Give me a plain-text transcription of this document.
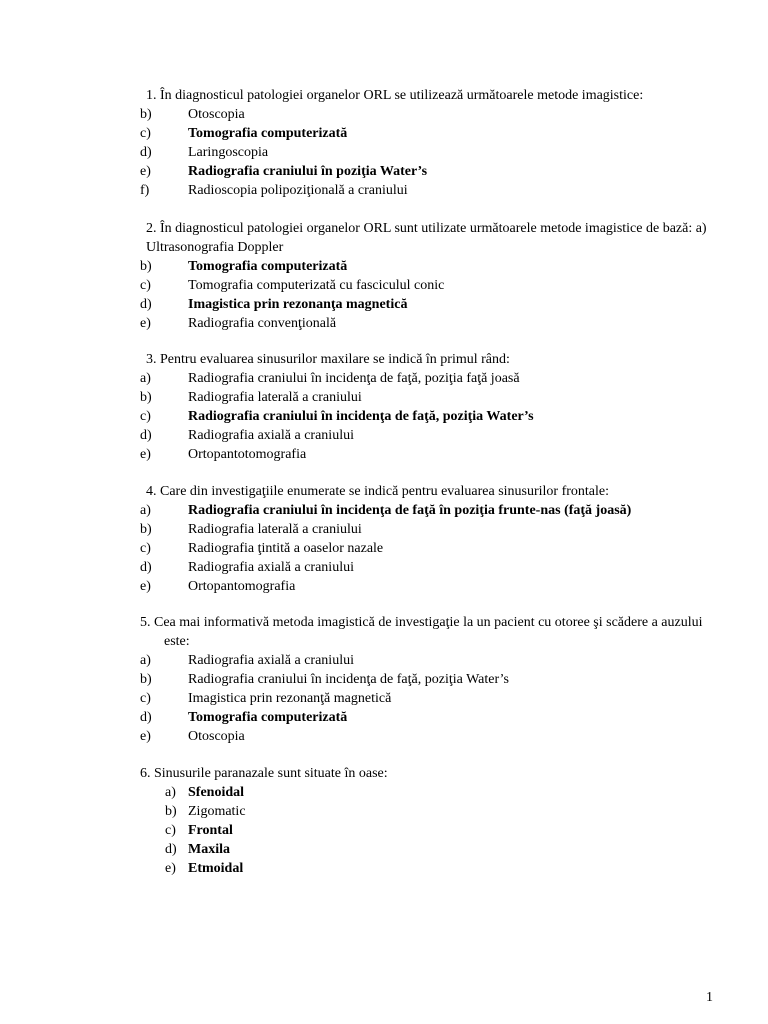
1. În diagnosticul patologiei organelor ORL se utilizează următoarele metode imagistice:

b)	Otoscopia
c)	Tomografia computerizată
d)	Laringoscopia
e)	Radiografia craniului în poziţia Water’s
f)	Radioscopia polipoziţională a craniului

2. În diagnosticul patologiei organelor ORL sunt utilizate următoarele metode imagistice de bază: a) Ultrasonografia Doppler

b)	Tomografia computerizată
c)	Tomografia computerizată cu fasciculul conic
d)	Imagistica prin rezonanţa magnetică
e)	Radiografia convenţională

3. Pentru evaluarea sinusurilor maxilare se indică în primul rând:

a)	Radiografia craniului în incidenţa de faţă, poziţia faţă joasă
b)	Radiografia laterală a craniului
c)	Radiografia craniului în incidenţa de faţă, poziţia Water’s
d)	Radiografia axială a craniului
e)	Ortopantotomografia

4. Care din investigaţiile enumerate se indică pentru evaluarea sinusurilor frontale:

a)	Radiografia craniului în incidenţa de faţă în poziţia frunte-nas (faţă joasă)
b)	Radiografia laterală a craniului
c)	Radiografia ţintită a oaselor nazale
d)	Radiografia axială a craniului
e)	Ortopantomografia

5. Cea mai informativă metoda imagistică de investigaţie la un pacient cu otoree şi scădere a auzului este:

a)	Radiografia axială a craniului
b)	Radiografia craniului în incidenţa de faţă, poziţia Water’s
c)	Imagistica prin rezonanţă magnetică
d)	Tomografia computerizată
e)	Otoscopia

6. Sinusurile paranazale sunt situate în oase:

a) Sfenoidal
b) Zigomatic
c) Frontal
d) Maxila
e) Etmoidal
1
